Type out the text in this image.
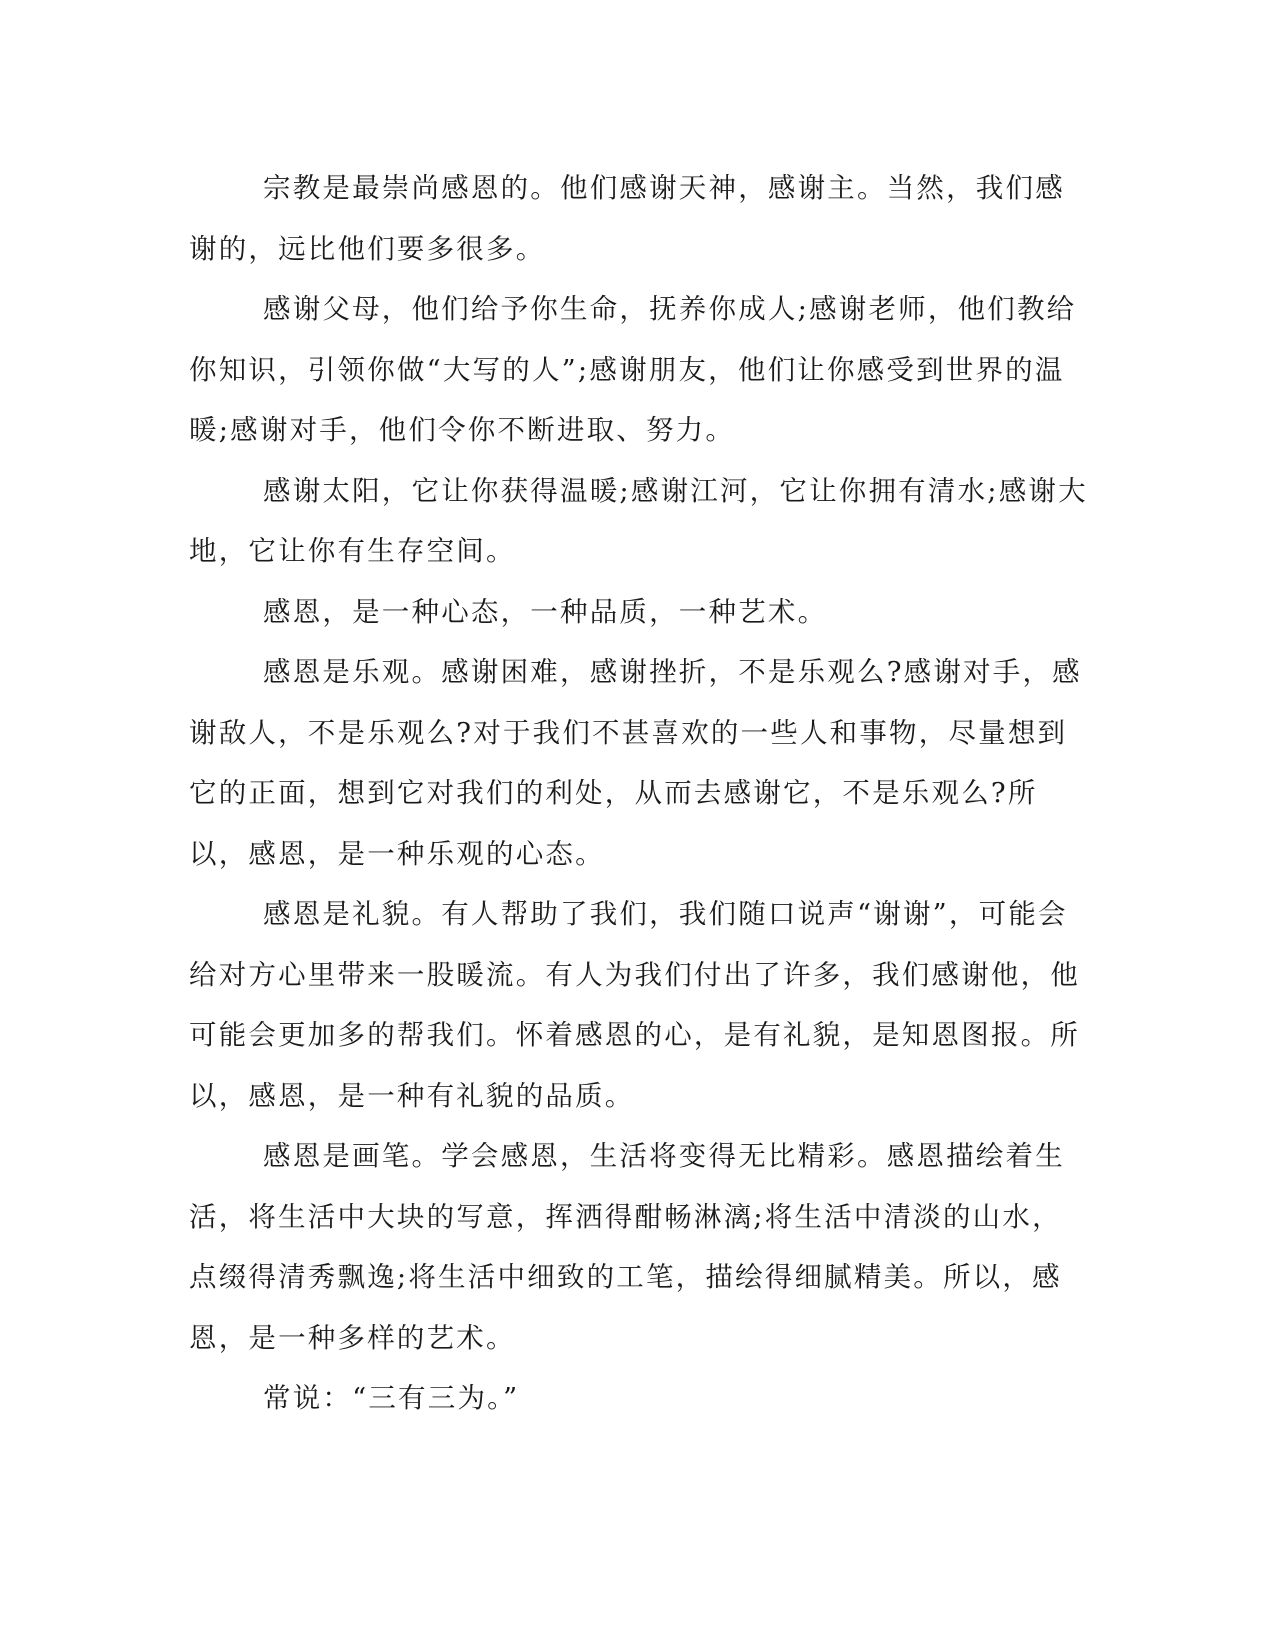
宗教是最崇尚感恩的。他们感谢天神，感谢主。当然，我们感谢的，远比他们要多很多。

感谢父母，他们给予你生命，抚养你成人;感谢老师，他们教给你知识，引领你做“大写的人”;感谢朋友，他们让你感受到世界的温暖;感谢对手，他们令你不断进取、努力。

感谢太阳，它让你获得温暖;感谢江河，它让你拥有清水;感谢大地，它让你有生存空间。

感恩，是一种心态，一种品质，一种艺术。

感恩是乐观。感谢困难，感谢挫折，不是乐观么?感谢对手，感谢敌人，不是乐观么?对于我们不甚喜欢的一些人和事物，尽量想到它的正面，想到它对我们的利处，从而去感谢它，不是乐观么?所以，感恩，是一种乐观的心态。

感恩是礼貌。有人帮助了我们，我们随口说声“谢谢”，可能会给对方心里带来一股暖流。有人为我们付出了许多，我们感谢他，他可能会更加多的帮我们。怀着感恩的心，是有礼貌，是知恩图报。所以，感恩，是一种有礼貌的品质。

感恩是画笔。学会感恩，生活将变得无比精彩。感恩描绘着生活，将生活中大块的写意，挥洒得酣畅淋漓;将生活中清淡的山水，点缀得清秀飘逸;将生活中细致的工笔，描绘得细腻精美。所以，感恩，是一种多样的艺术。

常说：“三有三为。”
